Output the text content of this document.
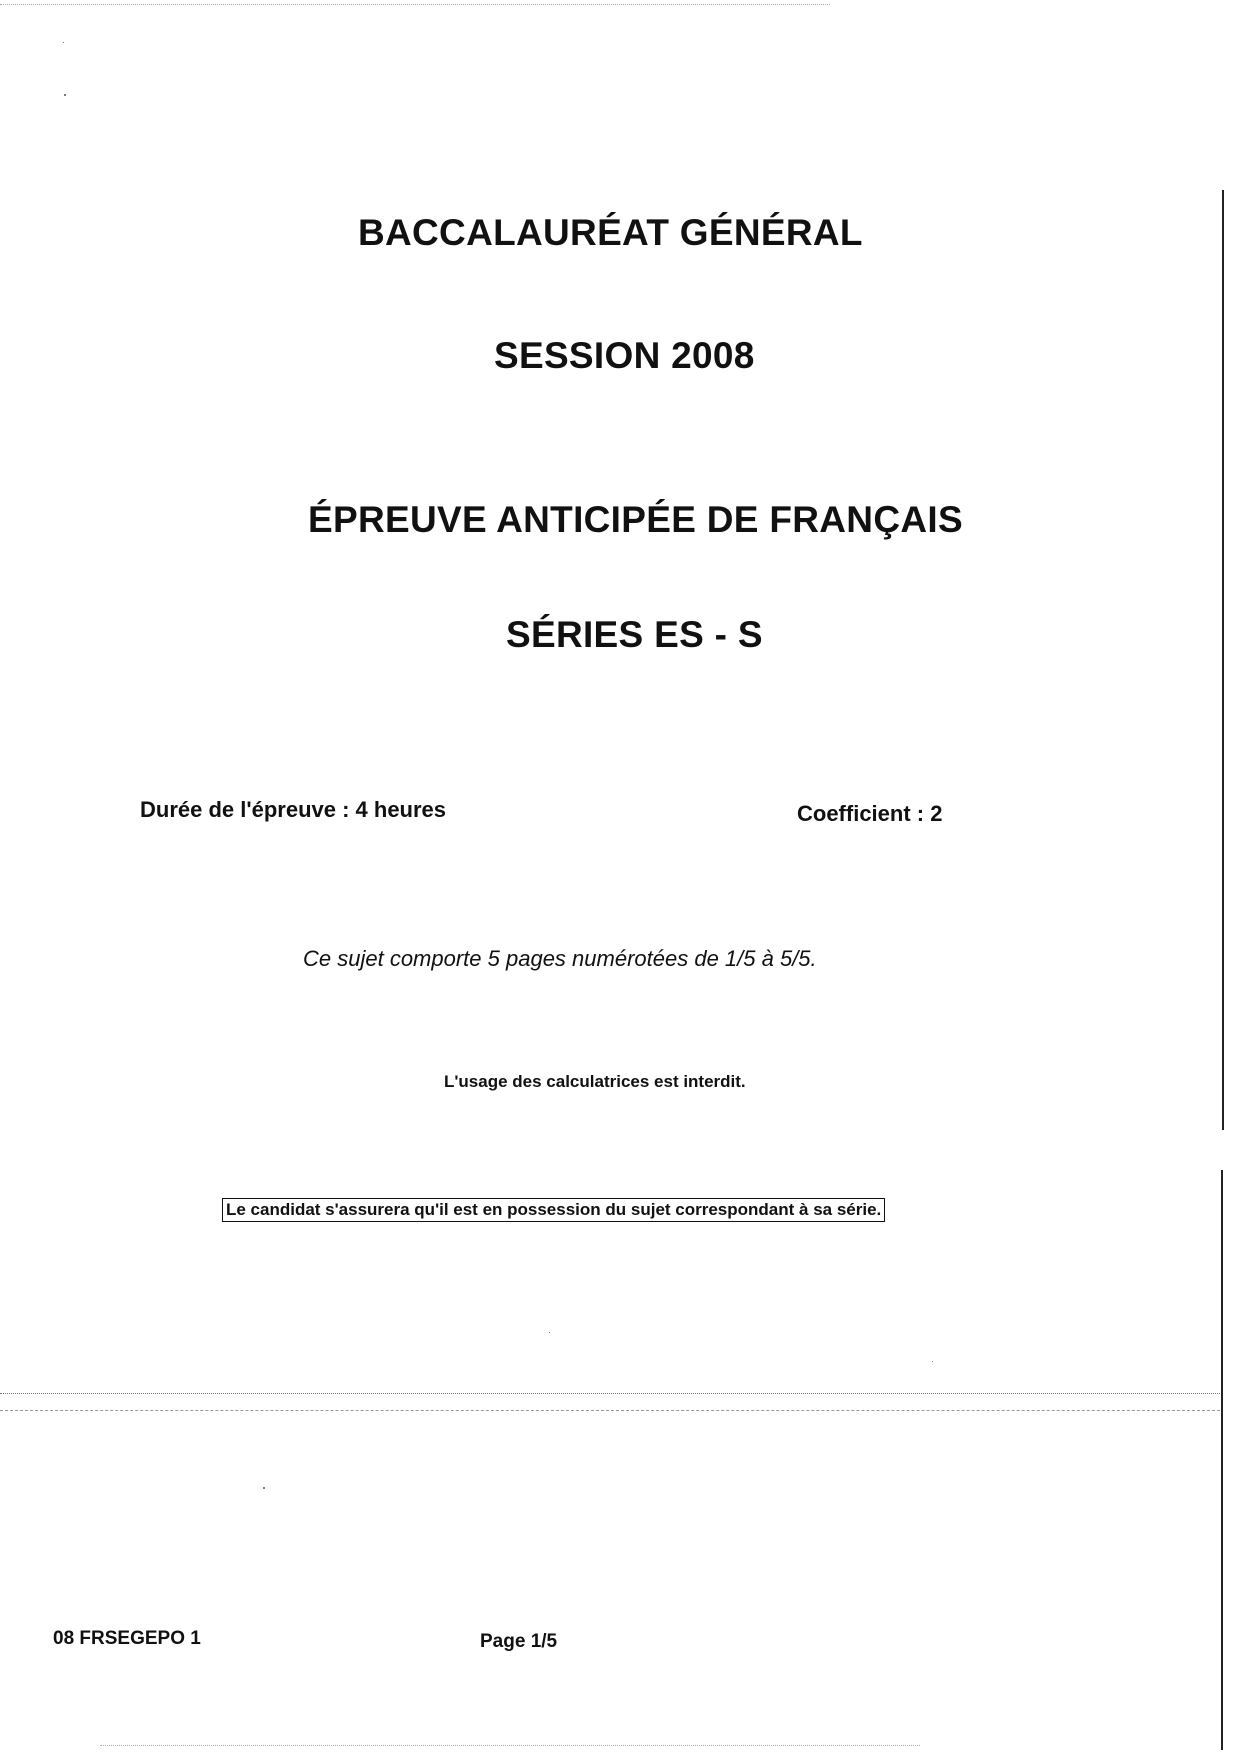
BACCALAURÉAT GÉNÉRAL
SESSION 2008
ÉPREUVE ANTICIPÉE DE FRANÇAIS
SÉRIES ES - S
Durée de l'épreuve : 4 heures	Coefficient : 2
Ce sujet comporte 5 pages numérotées de 1/5 à 5/5.
L'usage des calculatrices est interdit.
Le candidat s'assurera qu'il est en possession du sujet correspondant à sa série.
08 FRSEGEPO 1	Page 1/5
